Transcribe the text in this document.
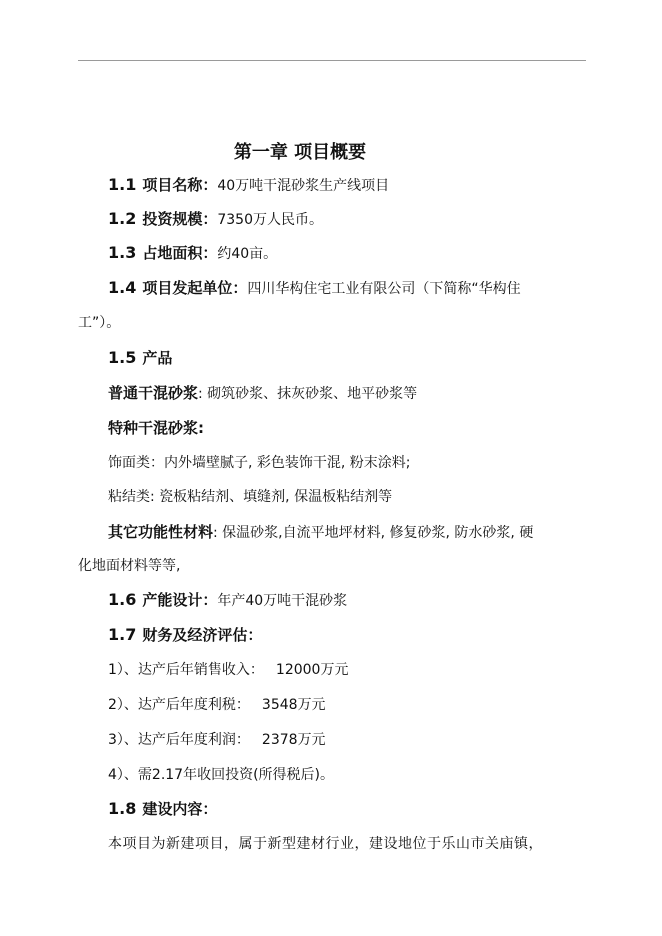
第一章 项目概要
1.1 项目名称：40万吨干混砂浆生产线项目
1.2 投资规模：7350万人民币。
1.3 占地面积：约40亩。
1.4 项目发起单位：四川华构住宅工业有限公司（下简称“华构住
工”）。
1.5 产品
普通干混砂浆: 砌筑砂浆、抹灰砂浆、地平砂浆等
特种干混砂浆:
饰面类：内外墙壁腻子, 彩色装饰干混, 粉末涂料;
粘结类: 瓷板粘结剂、填缝剂, 保温板粘结剂等
其它功能性材料: 保温砂浆,自流平地坪材料, 修复砂浆, 防水砂浆, 硬
化地面材料等等,
1.6 产能设计：年产40万吨干混砂浆
1.7 财务及经济评估：
1）、达产后年销售收入： 12000万元
2）、达产后年度利税： 3548万元
3）、达产后年度利润： 2378万元
4）、需2.17年收回投资(所得税后)。
1.8 建设内容：
本项目为新建项目，属于新型建材行业，建设地位于乐山市关庙镇，
